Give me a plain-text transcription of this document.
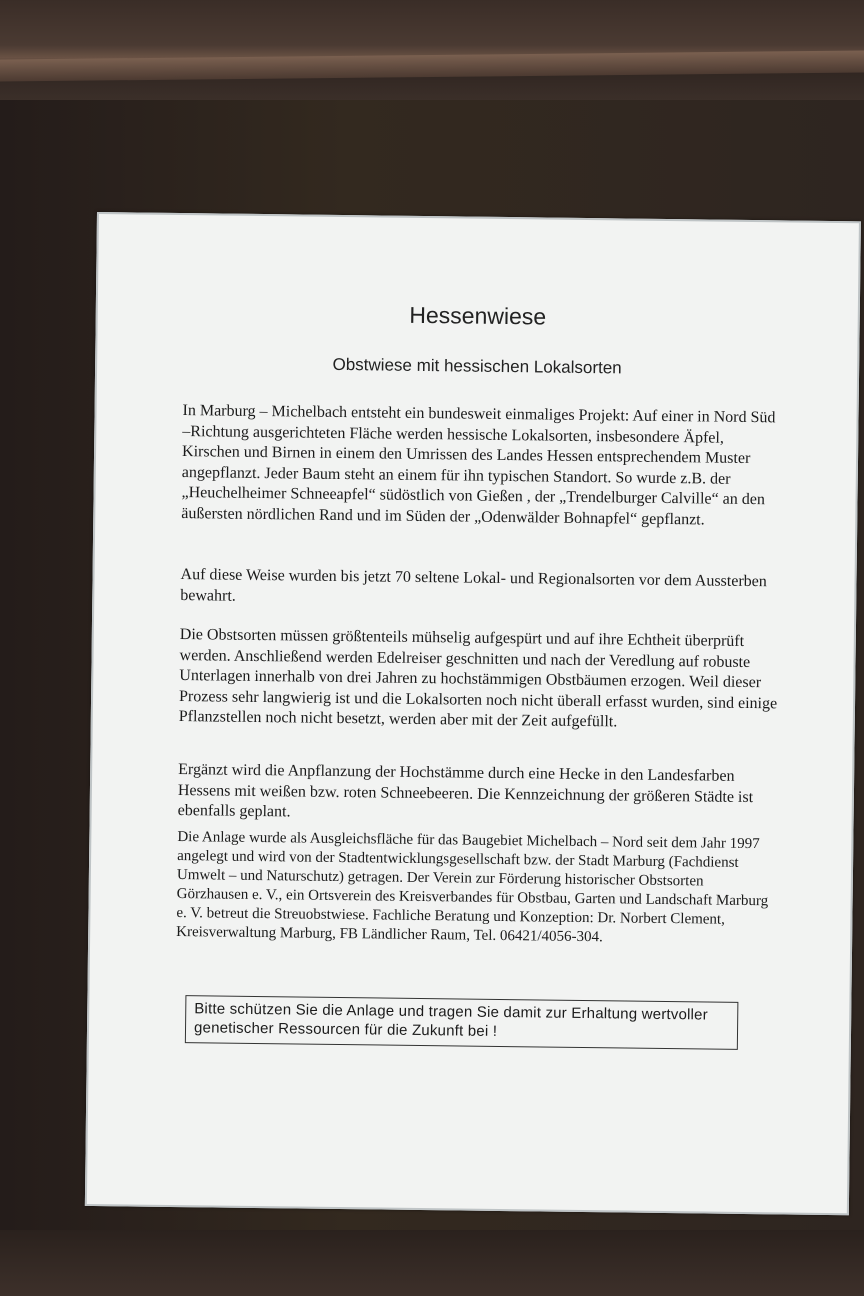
Hessenwiese
Obstwiese mit hessischen Lokalsorten

In Marburg – Michelbach entsteht ein bundesweit einmaliges Projekt: Auf einer in Nord Süd –Richtung ausgerichteten Fläche werden hessische Lokalsorten, insbesondere Äpfel, Kirschen und Birnen in einem den Umrissen des Landes Hessen entsprechendem Muster angepflanzt. Jeder Baum steht an einem für ihn typischen Standort. So wurde z.B. der „Heuchelheimer Schneeapfel“ südöstlich von Gießen , der „Trendelburger Calville“ an den äußersten nördlichen Rand und im Süden der „Odenwälder Bohnapfel“ gepflanzt.

Auf diese Weise wurden bis jetzt 70 seltene Lokal- und Regionalsorten vor dem Aussterben bewahrt.

Die Obstsorten müssen größtenteils mühselig aufgespürt und auf ihre Echtheit überprüft werden. Anschließend werden Edelreiser geschnitten und nach der Veredlung auf robuste Unterlagen innerhalb von drei Jahren zu hochstämmigen Obstbäumen erzogen. Weil dieser Prozess sehr langwierig ist und die Lokalsorten noch nicht überall erfasst wurden, sind einige Pflanzstellen noch nicht besetzt, werden aber mit der Zeit aufgefüllt.

Ergänzt wird die Anpflanzung der Hochstämme durch eine Hecke in den Landesfarben Hessens mit weißen bzw. roten Schneebeeren. Die Kennzeichnung der größeren Städte ist ebenfalls geplant.

Die Anlage wurde als Ausgleichsfläche für das Baugebiet Michelbach – Nord seit dem Jahr 1997 angelegt und wird von der Stadtentwicklungsgesellschaft bzw. der Stadt Marburg (Fachdienst Umwelt – und Naturschutz) getragen. Der Verein zur Förderung historischer Obstsorten Görzhausen e. V., ein Ortsverein des Kreisverbandes für Obstbau, Garten und Landschaft Marburg e. V. betreut die Streuobstwiese. Fachliche Beratung und Konzeption: Dr. Norbert Clement, Kreisverwaltung Marburg, FB Ländlicher Raum, Tel. 06421/4056-304.

Bitte schützen Sie die Anlage und tragen Sie damit zur Erhaltung wertvoller genetischer Ressourcen für die Zukunft bei !
